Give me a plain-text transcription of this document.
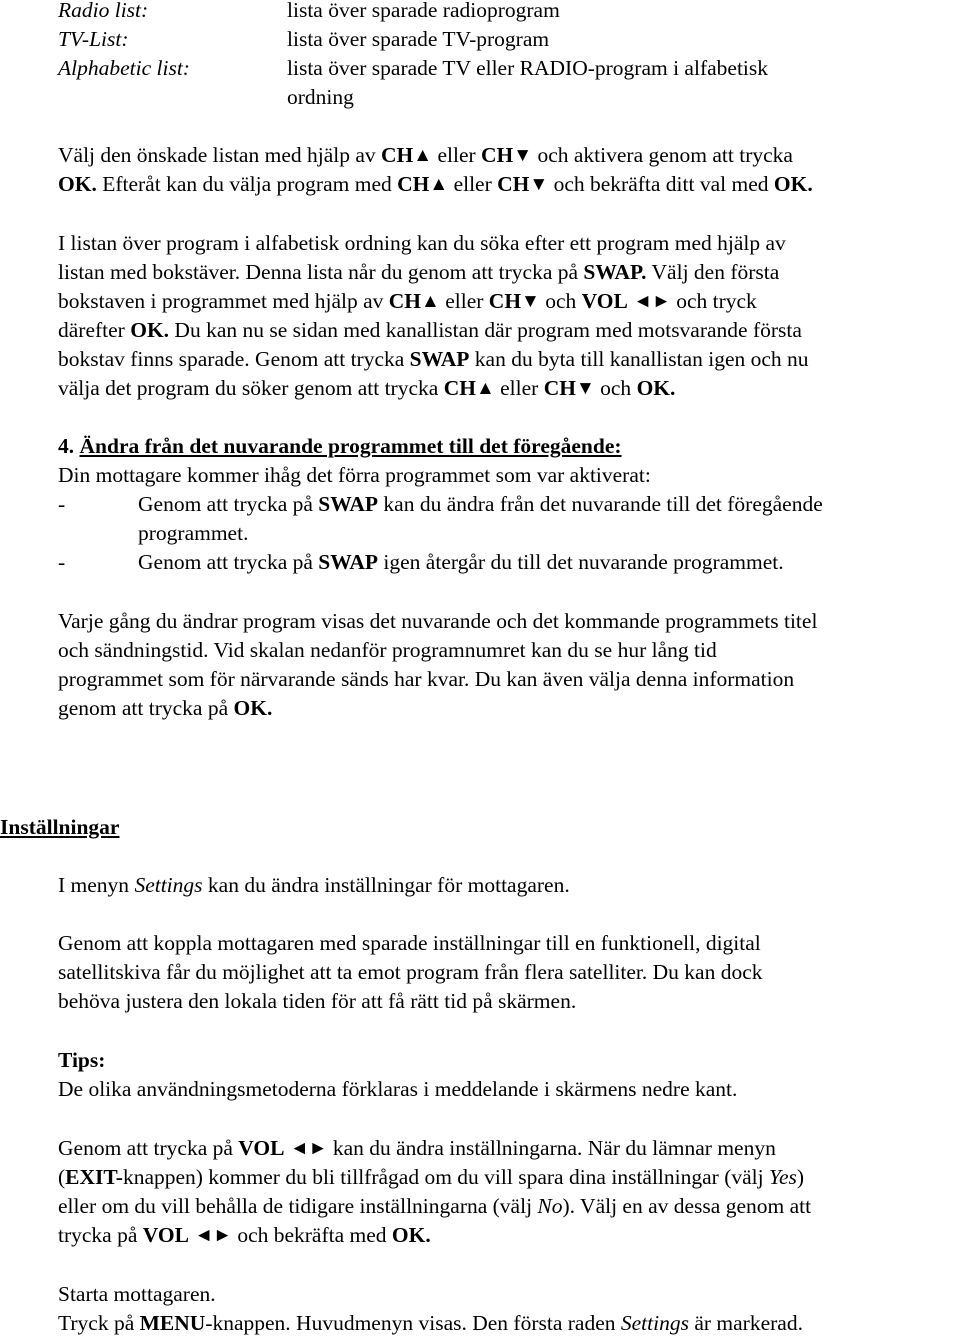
Radio list:	lista över sparade radioprogram
TV-List:	lista över sparade TV-program
Alphabetic list:	lista över sparade TV eller RADIO-program i alfabetisk
ordning
Välj den önskade listan med hjälp av CH▲ eller CH▼ och aktivera genom att trycka
OK. Efteråt kan du välja program med CH▲ eller CH▼ och bekräfta ditt val med OK.
I listan över program i alfabetisk ordning kan du söka efter ett program med hjälp av
listan med bokstäver. Denna lista når du genom att trycka på SWAP. Välj den första
bokstaven i programmet med hjälp av CH▲ eller CH▼ och VOL ◄► och tryck
därefter OK. Du kan nu se sidan med kanallistan där program med motsvarande första
bokstav finns sparade. Genom att trycka SWAP kan du byta till kanallistan igen och nu
välja det program du söker genom att trycka CH▲ eller CH▼ och OK.
4. Ändra från det nuvarande programmet till det föregående:
Din mottagare kommer ihåg det förra programmet som var aktiverat:
-	Genom att trycka på SWAP kan du ändra från det nuvarande till det föregående
programmet.
-	Genom att trycka på SWAP igen återgår du till det nuvarande programmet.
Varje gång du ändrar program visas det nuvarande och det kommande programmets titel
och sändningstid. Vid skalan nedanför programnumret kan du se hur lång tid
programmet som för närvarande sänds har kvar. Du kan även välja denna information
genom att trycka på OK.
Inställningar
I menyn Settings kan du ändra inställningar för mottagaren.
Genom att koppla mottagaren med sparade inställningar till en funktionell, digital
satellitskiva får du möjlighet att ta emot program från flera satelliter. Du kan dock
behöva justera den lokala tiden för att få rätt tid på skärmen.
Tips:
De olika användningsmetoderna förklaras i meddelande i skärmens nedre kant.
Genom att trycka på VOL ◄► kan du ändra inställningarna. När du lämnar menyn
(EXIT-knappen) kommer du bli tillfrågad om du vill spara dina inställningar (välj Yes)
eller om du vill behålla de tidigare inställningarna (välj No). Välj en av dessa genom att
trycka på VOL ◄► och bekräfta med OK.
Starta mottagaren.
Tryck på MENU-knappen. Huvudmenyn visas. Den första raden Settings är markerad.
